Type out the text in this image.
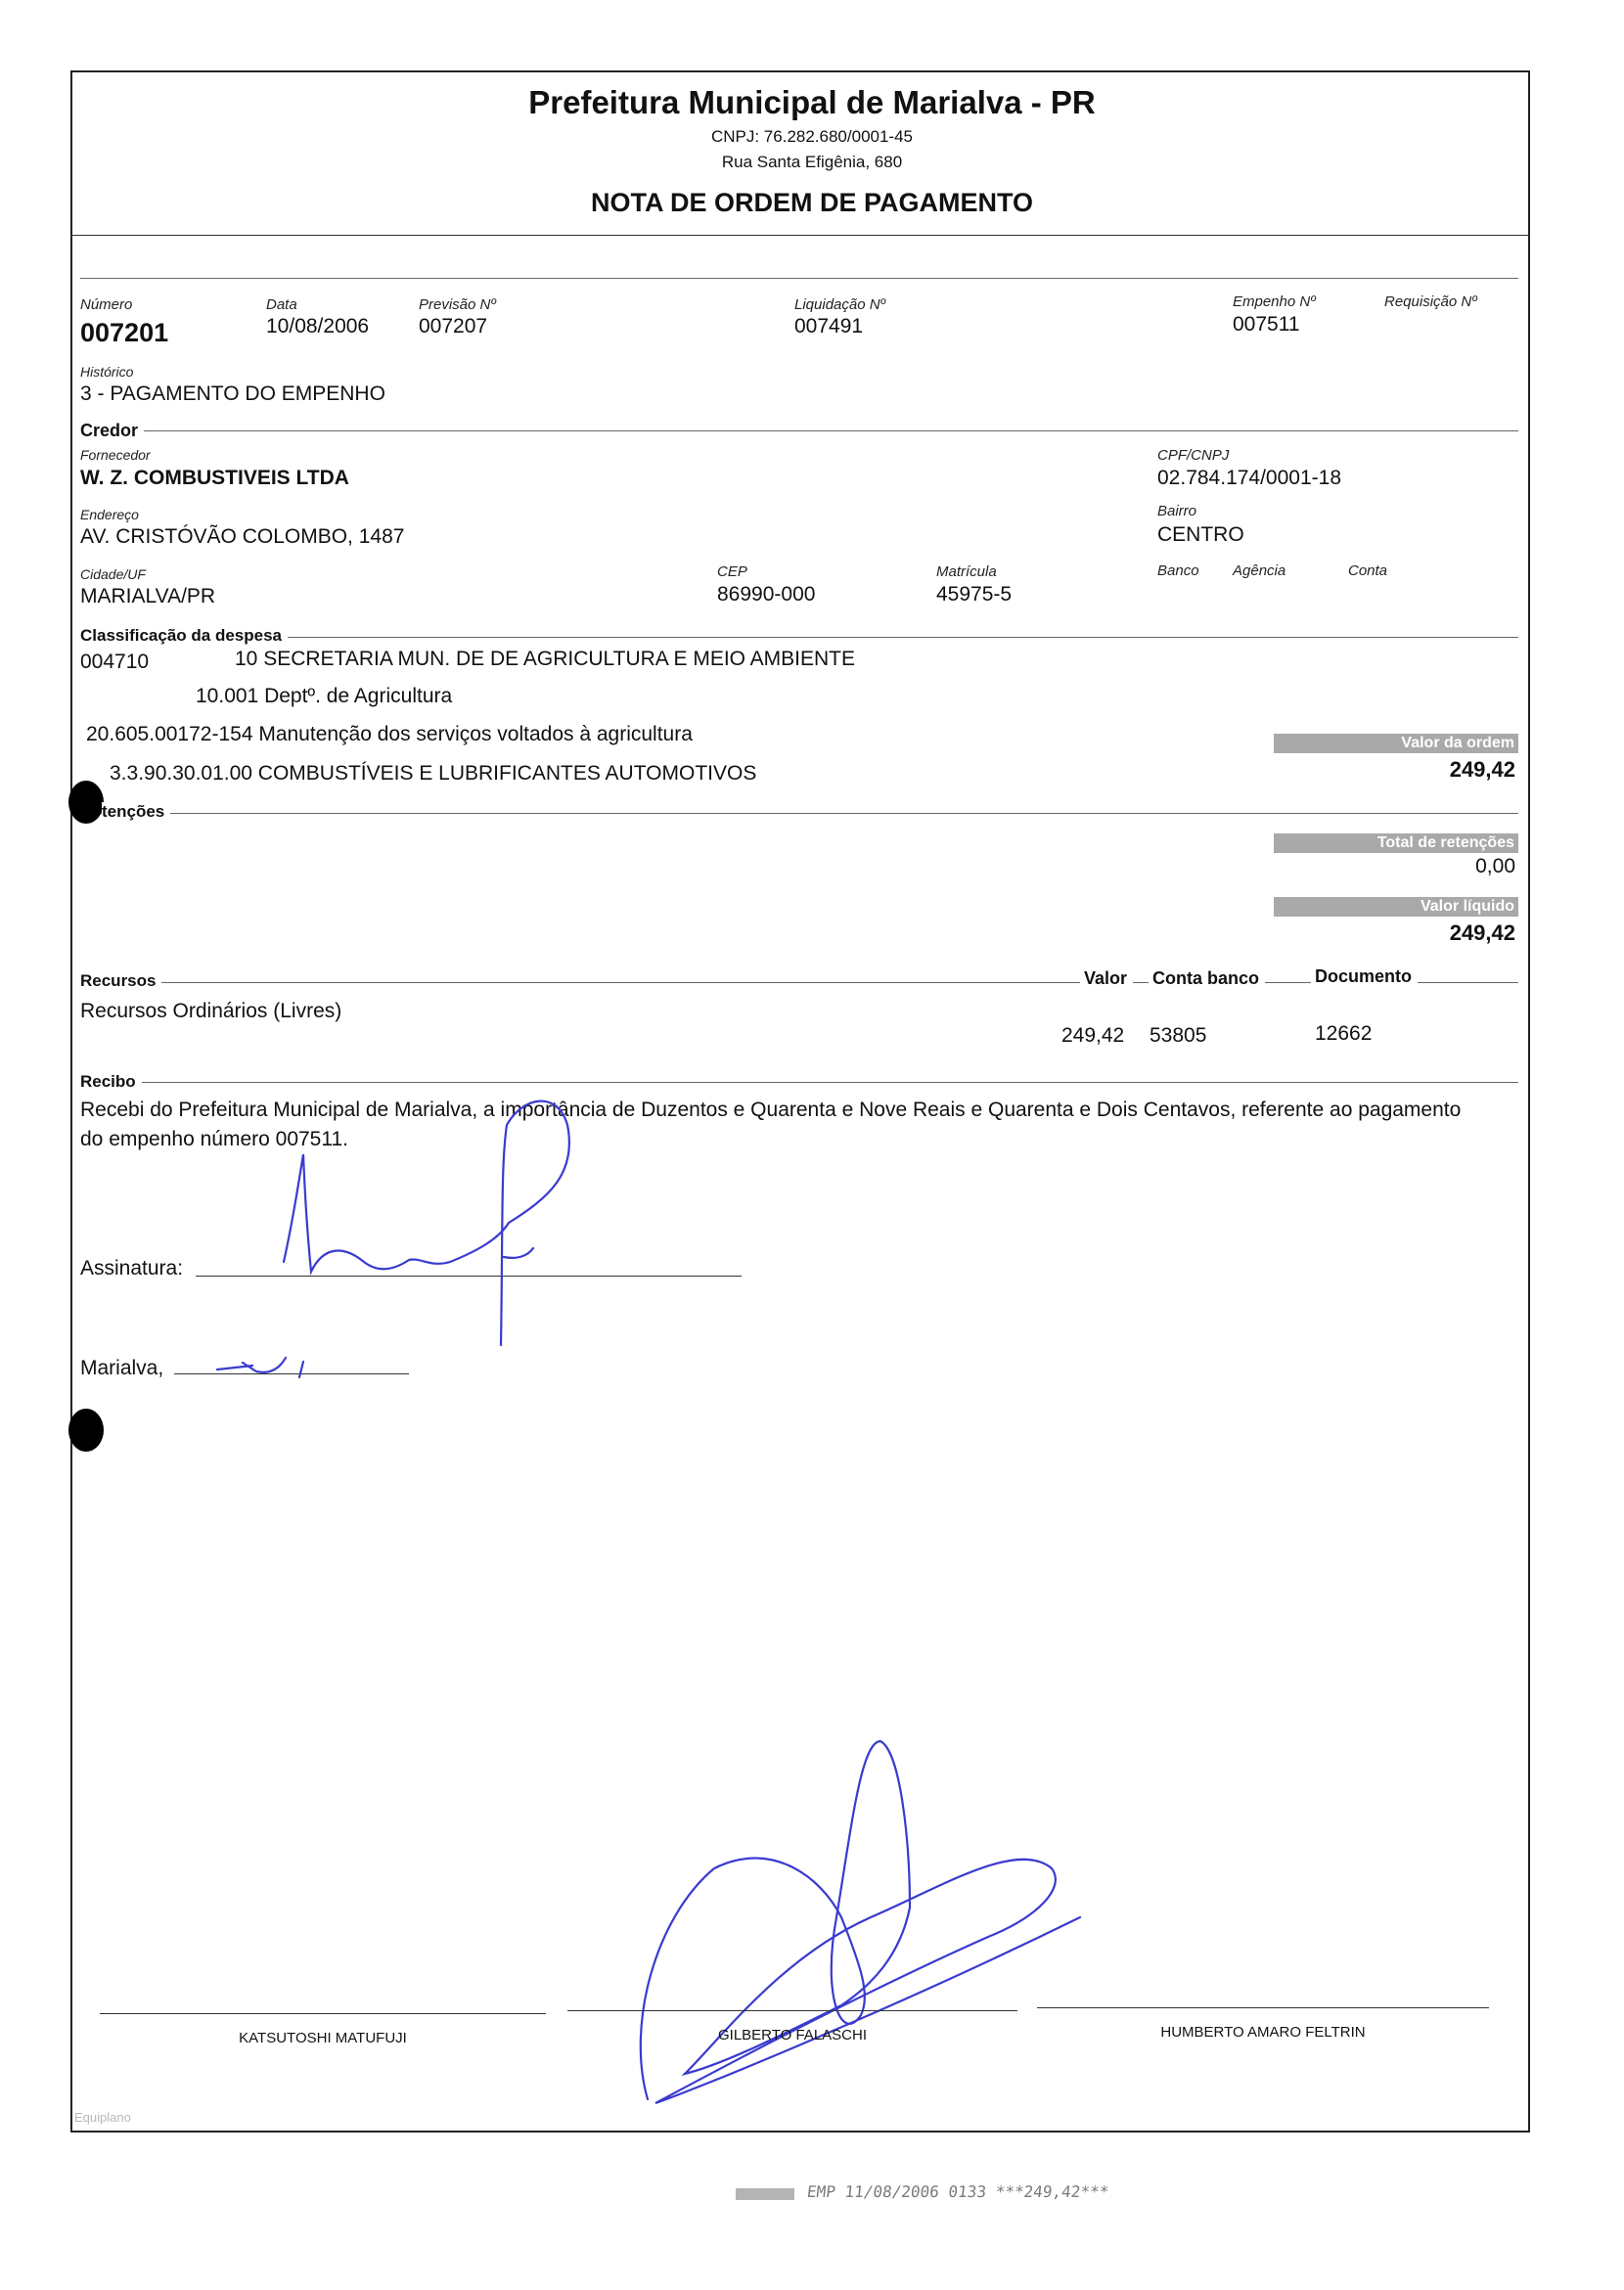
Prefeitura Municipal de Marialva - PR
CNPJ: 76.282.680/0001-45
Rua Santa Efigênia, 680
NOTA DE ORDEM DE PAGAMENTO
Número
007201
Data
10/08/2006
Previsão Nº
007207
Liquidação Nº
007491
Empenho Nº
007511
Requisição Nº
Histórico
3 - PAGAMENTO DO EMPENHO
Credor
Fornecedor
W. Z. COMBUSTIVEIS LTDA
CPF/CNPJ
02.784.174/0001-18
Endereço
AV. CRISTÓVÃO COLOMBO, 1487
Bairro
CENTRO
Cidade/UF
MARIALVA/PR
CEP
86990-000
Matrícula
45975-5
Banco Agência	Conta
Classificação da despesa
004710	10 SECRETARIA MUN. DE DE AGRICULTURA E MEIO AMBIENTE
10.001 Deptº. de Agricultura
20.605.00172-154 Manutenção dos serviços voltados à agricultura
3.3.90.30.01.00 COMBUSTÍVEIS E LUBRIFICANTES AUTOMOTIVOS
Valor da ordem
249,42
tenções
Total de retenções
0,00
Valor líquido
249,42
Recursos	Valor	Conta banco	Documento
Recursos Ordinários (Livres)
249,42 53805	12662
Recibo
Recebi do Prefeitura Municipal de Marialva, a importância de Duzentos e Quarenta e Nove Reais e Quarenta e Dois Centavos, referente ao pagamento do empenho número 007511.
Assinatura:
Marialva,
KATSUTOSHI MATUFUJI	GILBERTO FALASCHI	HUMBERTO AMARO FELTRIN
Equiplano
EMP 11/08/2006 0133 ***249,42***
